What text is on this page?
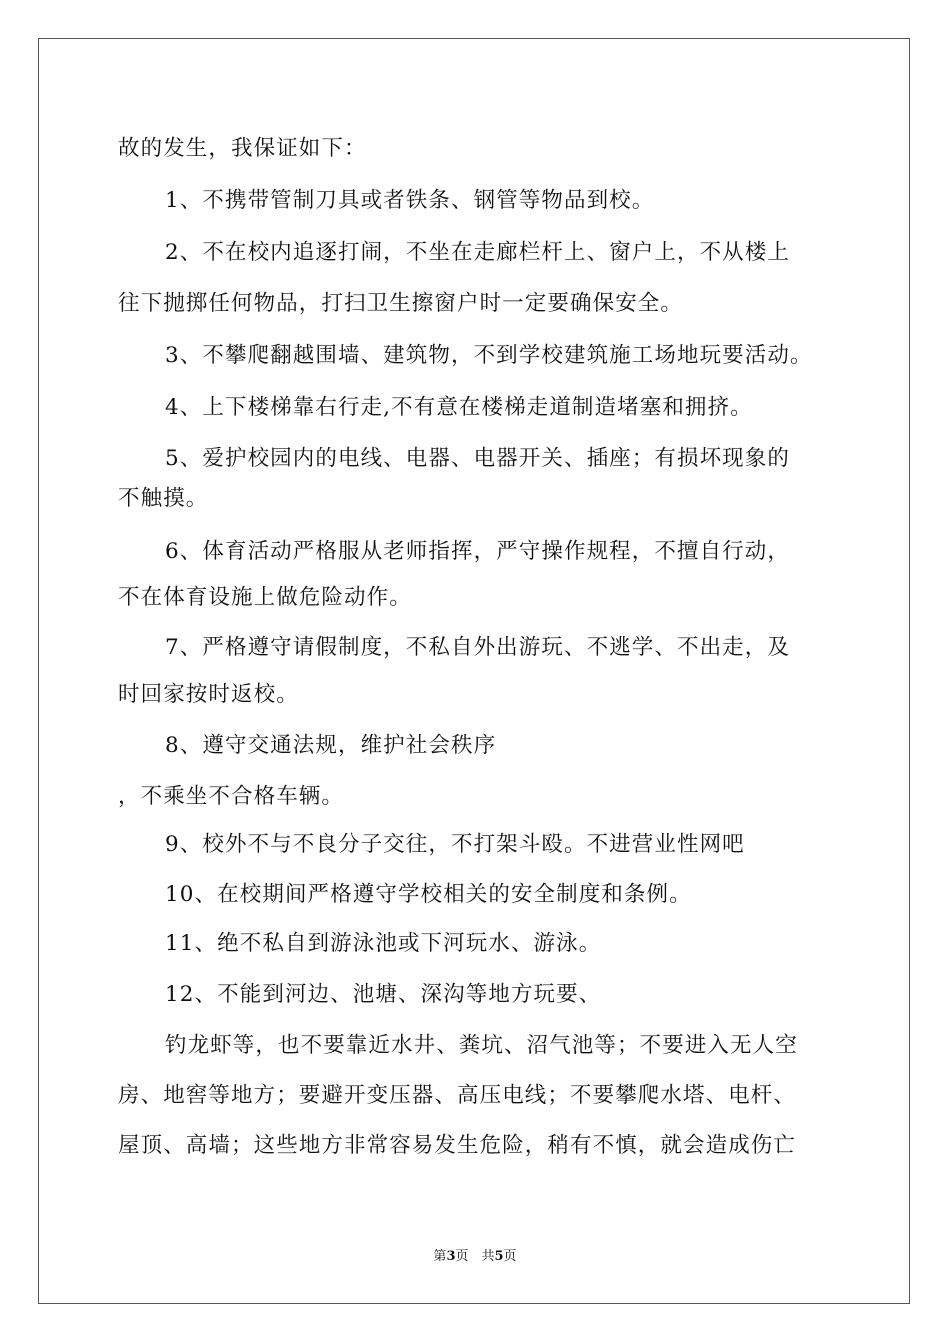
故的发生，我保证如下：
1、不携带管制刀具或者铁条、钢管等物品到校。
2、不在校内追逐打闹，不坐在走廊栏杆上、窗户上，不从楼上
往下抛掷任何物品，打扫卫生擦窗户时一定要确保安全。
3、不攀爬翻越围墙、建筑物，不到学校建筑施工场地玩要活动。
4、上下楼梯靠右行走,不有意在楼梯走道制造堵塞和拥挤。
5、爱护校园内的电线、电器、电器开关、插座；有损坏现象的
不触摸。
6、体育活动严格服从老师指挥，严守操作规程，不擅自行动，
不在体育设施上做危险动作。
7、严格遵守请假制度，不私自外出游玩、不逃学、不出走，及
时回家按时返校。
8、遵守交通法规，维护社会秩序
，不乘坐不合格车辆。
9、校外不与不良分子交往，不打架斗殴。不进营业性网吧
10、在校期间严格遵守学校相关的安全制度和条例。
11、绝不私自到游泳池或下河玩水、游泳。
12、不能到河边、池塘、深沟等地方玩要、
钓龙虾等，也不要靠近水井、粪坑、沼气池等；不要进入无人空
房、地窖等地方；要避开变压器、高压电线；不要攀爬水塔、电杆、
屋顶、高墙；这些地方非常容易发生危险，稍有不慎，就会造成伤亡
第3页　共5页
